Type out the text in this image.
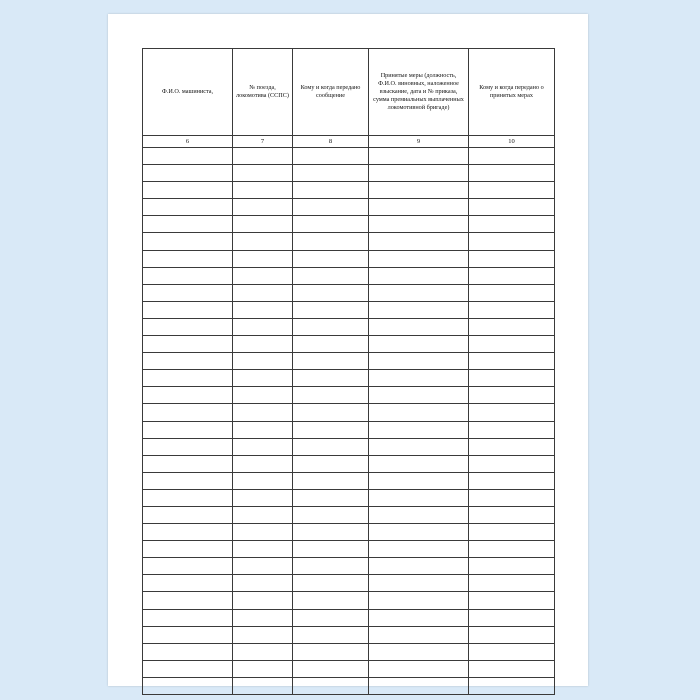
Ф.И.О. машиниста,	№ поезда, локомотива (ССПС)	Кому и когда передано сообщение	Принятые меры (должность, Ф.И.О. виновных, наложенное взыскание, дата и № приказа, сумма премиальных выплаченных локомотивной бригаде)	Кому и когда передано о принятых мерах

6	7	8	9	10
